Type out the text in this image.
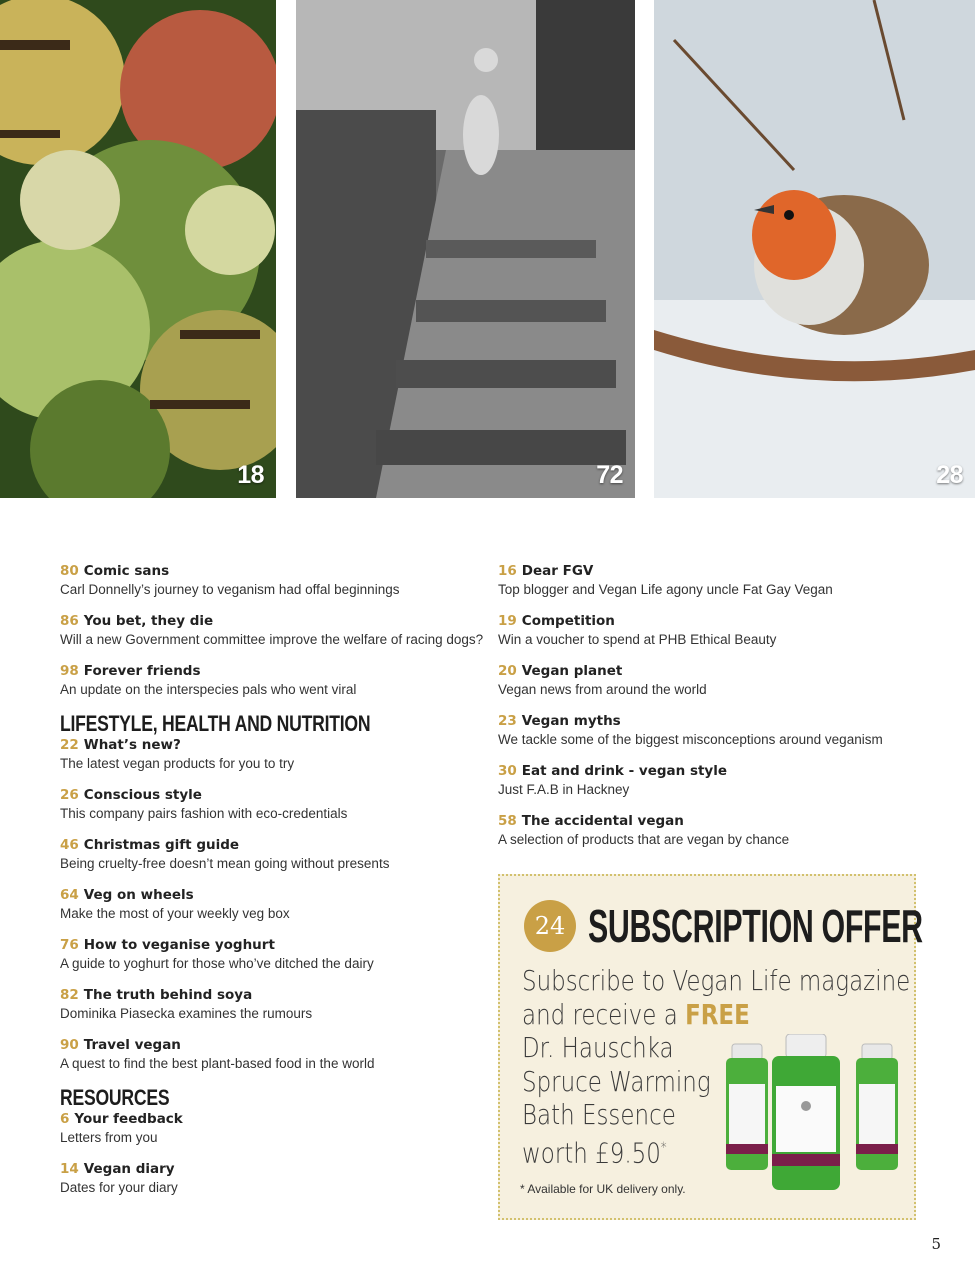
18	72	28
80 Comic sans
Carl Donnelly’s journey to veganism had offal beginnings
86 You bet, they die
Will a new Government committee improve the welfare of racing dogs?
98 Forever friends
An update on the interspecies pals who went viral
LIFESTYLE, HEALTH AND NUTRITION
22 What’s new?
The latest vegan products for you to try
26 Conscious style
This company pairs fashion with eco-credentials
46 Christmas gift guide
Being cruelty-free doesn’t mean going without presents
64 Veg on wheels
Make the most of your weekly veg box
76 How to veganise yoghurt
A guide to yoghurt for those who’ve ditched the dairy
82 The truth behind soya
Dominika Piasecka examines the rumours
90 Travel vegan
A quest to find the best plant-based food in the world
RESOURCES
6 Your feedback
Letters from you
14 Vegan diary
Dates for your diary
16 Dear FGV
Top blogger and Vegan Life agony uncle Fat Gay Vegan
19 Competition
Win a voucher to spend at PHB Ethical Beauty
20 Vegan planet
Vegan news from around the world
23 Vegan myths
We tackle some of the biggest misconceptions around veganism
30 Eat and drink - vegan style
Just F.A.B in Hackney
58 The accidental vegan
A selection of products that are vegan by chance
24 SUBSCRIPTION OFFER
Subscribe to Vegan Life magazine
and receive a FREE
Dr. Hauschka
Spruce Warming
Bath Essence
worth £9.50*
* Available for UK delivery only.
5
